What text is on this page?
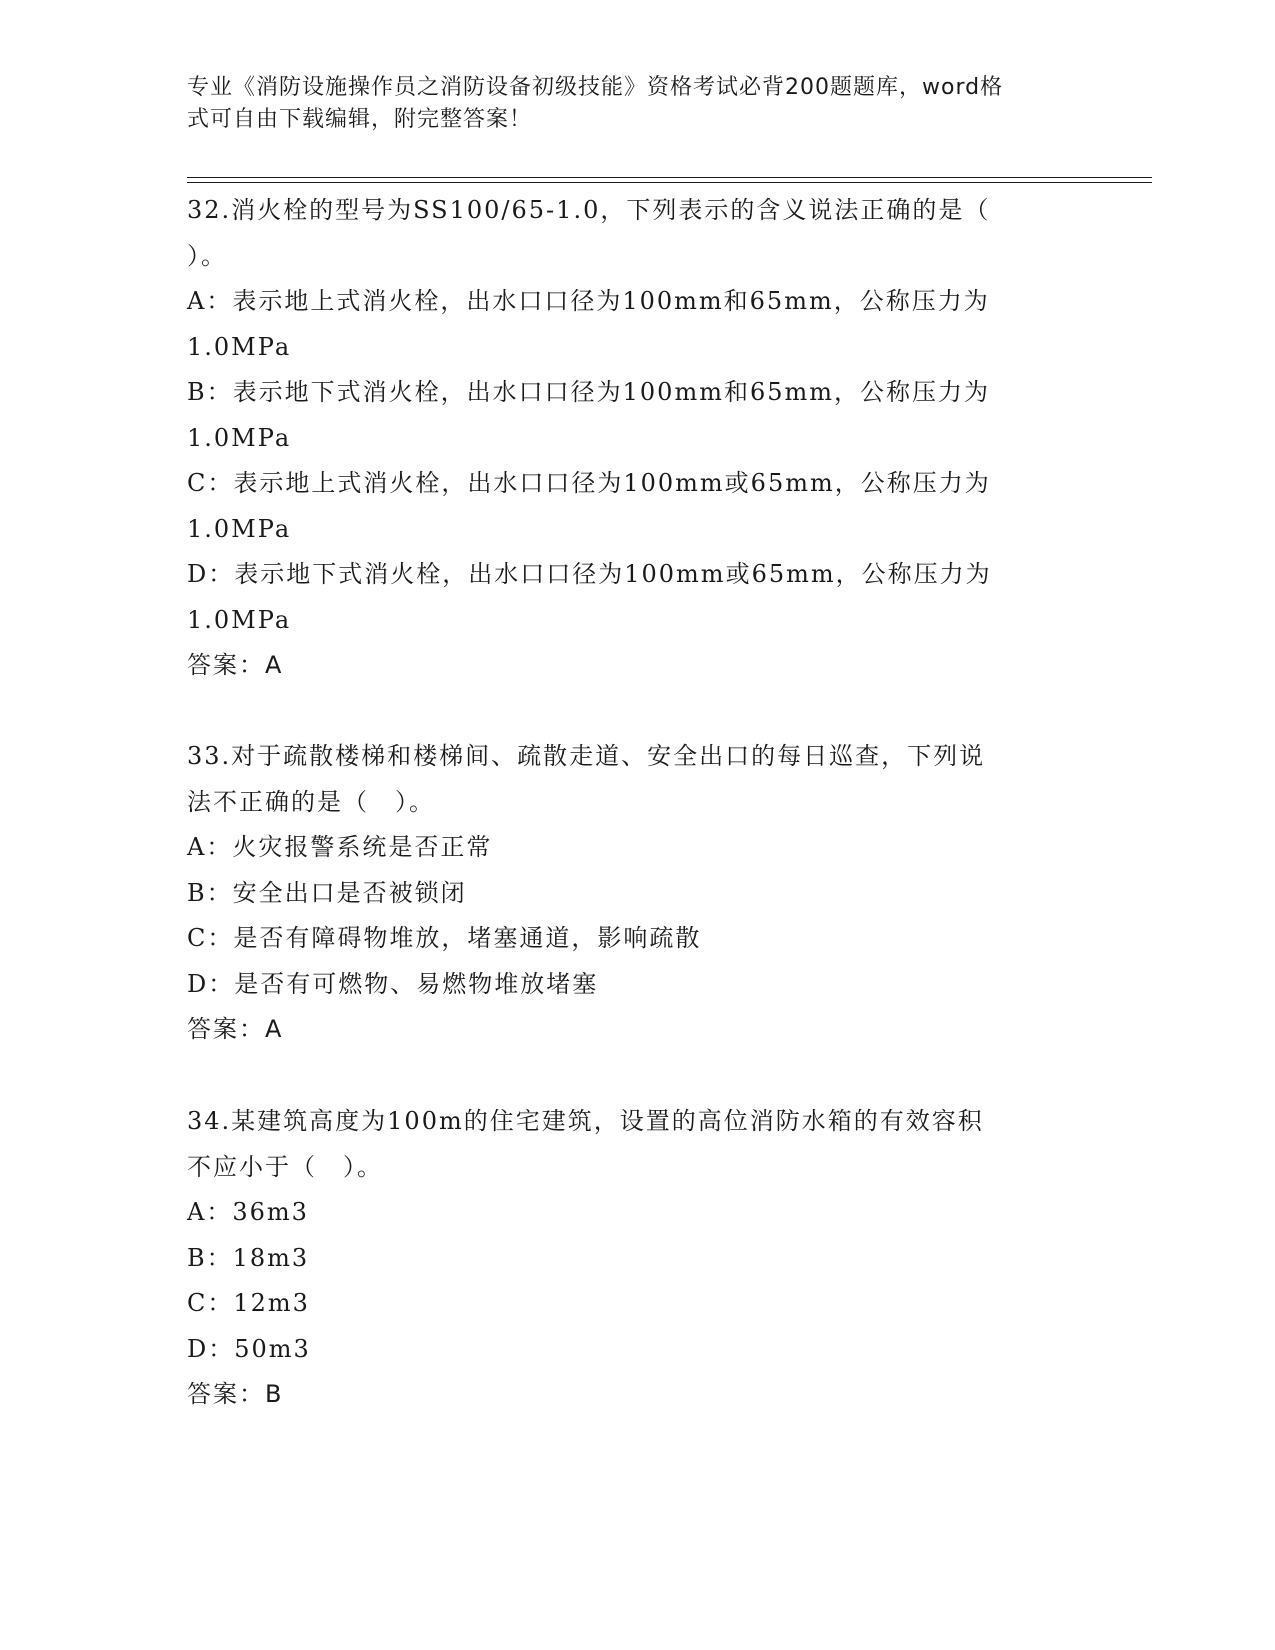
专业《消防设施操作员之消防设备初级技能》资格考试必背200题题库，word格
式可自由下载编辑，附完整答案！
32.消火栓的型号为SS100/65-1.0，下列表示的含义说法正确的是（
）。
A：表示地上式消火栓，出水口口径为100mm和65mm，公称压力为
1.0MPa
B：表示地下式消火栓，出水口口径为100mm和65mm，公称压力为
1.0MPa
C：表示地上式消火栓，出水口口径为100mm或65mm，公称压力为
1.0MPa
D：表示地下式消火栓，出水口口径为100mm或65mm，公称压力为
1.0MPa
答案：A
33.对于疏散楼梯和楼梯间、疏散走道、安全出口的每日巡查，下列说
法不正确的是（　）。
A：火灾报警系统是否正常
B：安全出口是否被锁闭
C：是否有障碍物堆放，堵塞通道，影响疏散
D：是否有可燃物、易燃物堆放堵塞
答案：A
34.某建筑高度为100m的住宅建筑，设置的高位消防水箱的有效容积
不应小于（　）。
A：36m3
B：18m3
C：12m3
D：50m3
答案：B
